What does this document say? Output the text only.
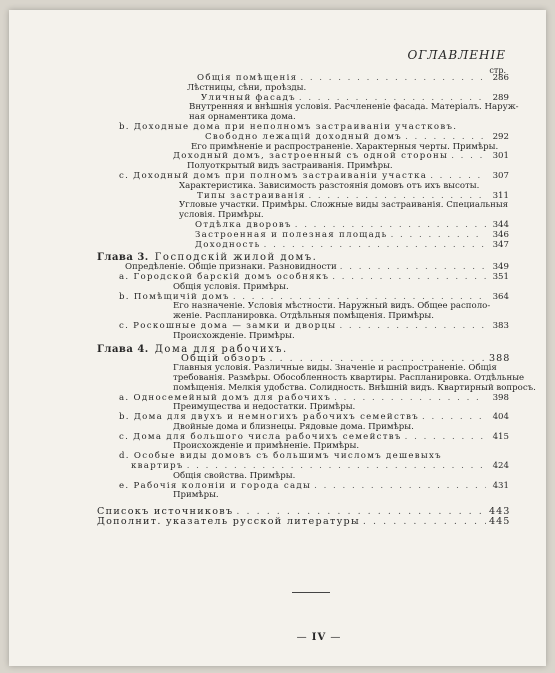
ОГЛАВЛЕНІЕ
стр.
Общія помѣщенія . . .	286
Лѣстницы, сѣни, проѣзды.
Уличный фасадъ . . .	289
Внутренняя и внѣшнія условія. Расчлененіе фасада. Матеріалъ. Наруж-
ная орнаментика дома.
b. Доходные дома при неполномъ застраиваніи участковъ.
Свободно лежащій доходный домъ . . .	292
Его примѣненіе и распространеніе. Характерныя черты. Примѣры.
Доходный домъ, застроенный съ одной стороны . . .	301
Полуоткрытый видъ застраиванія. Примѣры.
с. Доходный домъ при полномъ застраиваніи участка . . .	307
Характеристика. Зависимость разстоянія домовъ отъ ихъ высоты.
Типы застраиванія . . .	311
Угловые участки. Примѣры. Сложные виды застраиванія. Специальныя
условія. Примѣры.
Отдѣлка дворовъ . . .	344
Застроенная и полезная площадь . . .	346
Доходность . . .	347
Глава 3. Господскій жилой домъ.
Опредѣленіе. Общіе признаки. Разновидности . . .	349
а. Городской барскій домъ особнякъ . . .	351
Общія условія. Примѣры.
b. Помѣщичій домъ . . .	364
Его назначеніе. Условія мѣстности. Наружный видъ. Общее располо-
женіе. Распланировка. Отдѣльныя помѣщенія. Примѣры.
с. Роскошные дома — замки и дворцы . . .	383
Происхожденіе. Примѣры.
Глава 4. Дома для рабочихъ.
Общій обзоръ . . .	388
Главныя условія. Различные виды. Значеніе и распространеніе. Общія
требованія. Размѣры. Обособленность квартиры. Распланировка. Отдѣльные
помѣщенія. Мелкія удобства. Солидность. Внѣшній видъ. Квартирный вопросъ.
а. Одноcемейный домъ для рабочихъ . . .	398
Преимущества и недостатки. Примѣры.
b. Дома для двухъ и немногихъ рабочихъ семействъ . . .	404
Двойные дома и близнецы. Рядовые дома. Примѣры.
с. Дома для большого числа рабочихъ семействъ . . .	415
Происхожденіе и примѣненіе. Примѣры.
d. Особые виды домовъ съ большимъ числомъ дешевыхъ
квартиръ . . .	424
Общія свойства. Примѣры.
е. Рабочія колоніи и города сады . . .	431
Примѣры.
Списокъ источниковъ . . .	443
Дополнит. указатель русской литературы . . .	445
— IV —
